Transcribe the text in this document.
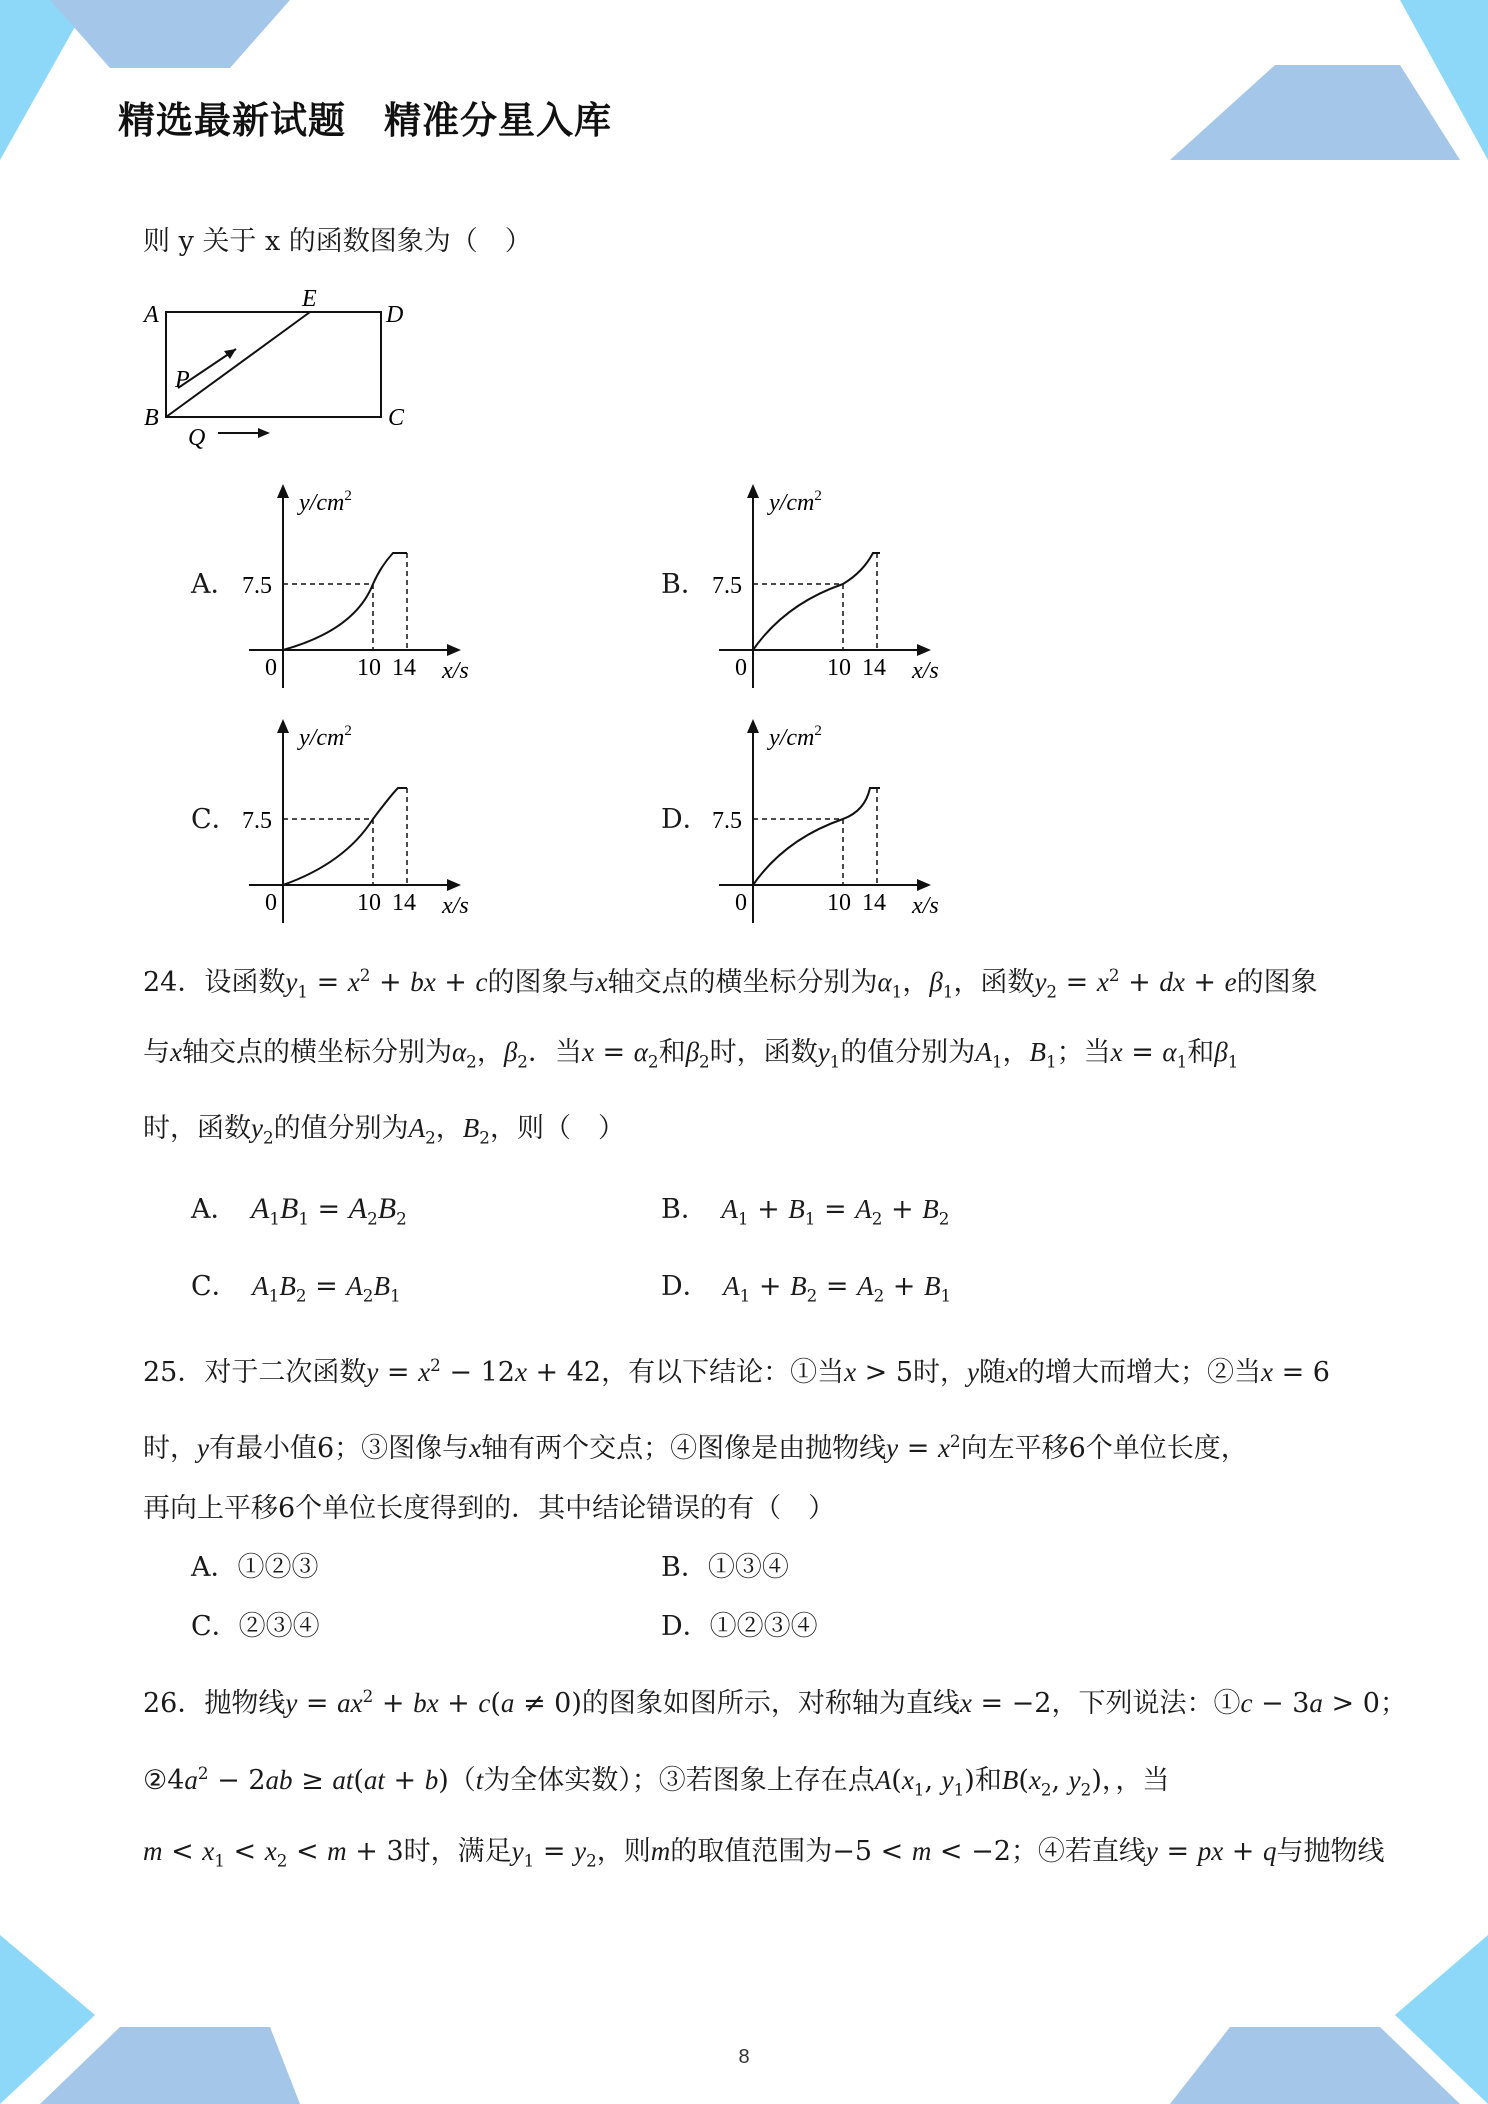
精选最新试题　精准分星入库
则 y 关于 x 的函数图象为（　）
A
E
D
P
B	C
Q
A．	B．
C．	D．
$y/cm^2$
7.5
0	10 14 x/s
$y/cm^2$
7.5
0	10 14 x/s
$y/cm^2$
7.5
0	10 14 x/s
$y/cm^2$
7.5
0	10 14 x/s
24．设函数$y_1 = x^2$ + bx + c的图象与x轴交点的横坐标分别为$\alpha_1$，$\beta_1$，函数$y_2 = x^2$ + dx + e的图象
与x轴交点的横坐标分别为$\alpha_2$，$\beta_2$．当$x = \alpha_2$和$\beta_2$时，函数$y_1$的值分别为$A_1$，$B_1$；当$x = \alpha_1$和$\beta_1$
时，函数$y_2$的值分别为$A_2$，$B_2$，则（　）
A．　 $A_1B_1 = A_2B_2$	B．　 $A_1 + B_1 = A_2 + B_2$
C．　 $A_1B_2 = A_2B_1$	D．　 $A_1 + B_2 = A_2 + B_1$
25．对于二次函数$y = x^2 - 12x + 42$，有以下结论：①当x > 5时，y随x的增大而增大；②当x = 6
时，y有最小值6；③图像与x轴有两个交点；④图像是由抛物线$y = x^2$向左平移6个单位长度，
再向上平移6个单位长度得到的．其中结论错误的有（　）
A．①②③	B．①③④
C．②③④	D．①②③④
26．抛物线$y = ax^2$ + bx + c(a ≠ 0)的图象如图所示，对称轴为直线x = −2，下列说法：①c − 3a > 0；
$②4a^2 - 2ab \ge at(at + b)(t$为全体实数）；③若图象上存在点$A(x_1$, $y_1$)和$B(x_2$, $y_2$)，，当
$m < x_1 < x_2 < m + 3$时，满足$y_1 = y_2$，则m的取值范围为−5 < m < −2；④若直线y = px + q与抛物线
8
